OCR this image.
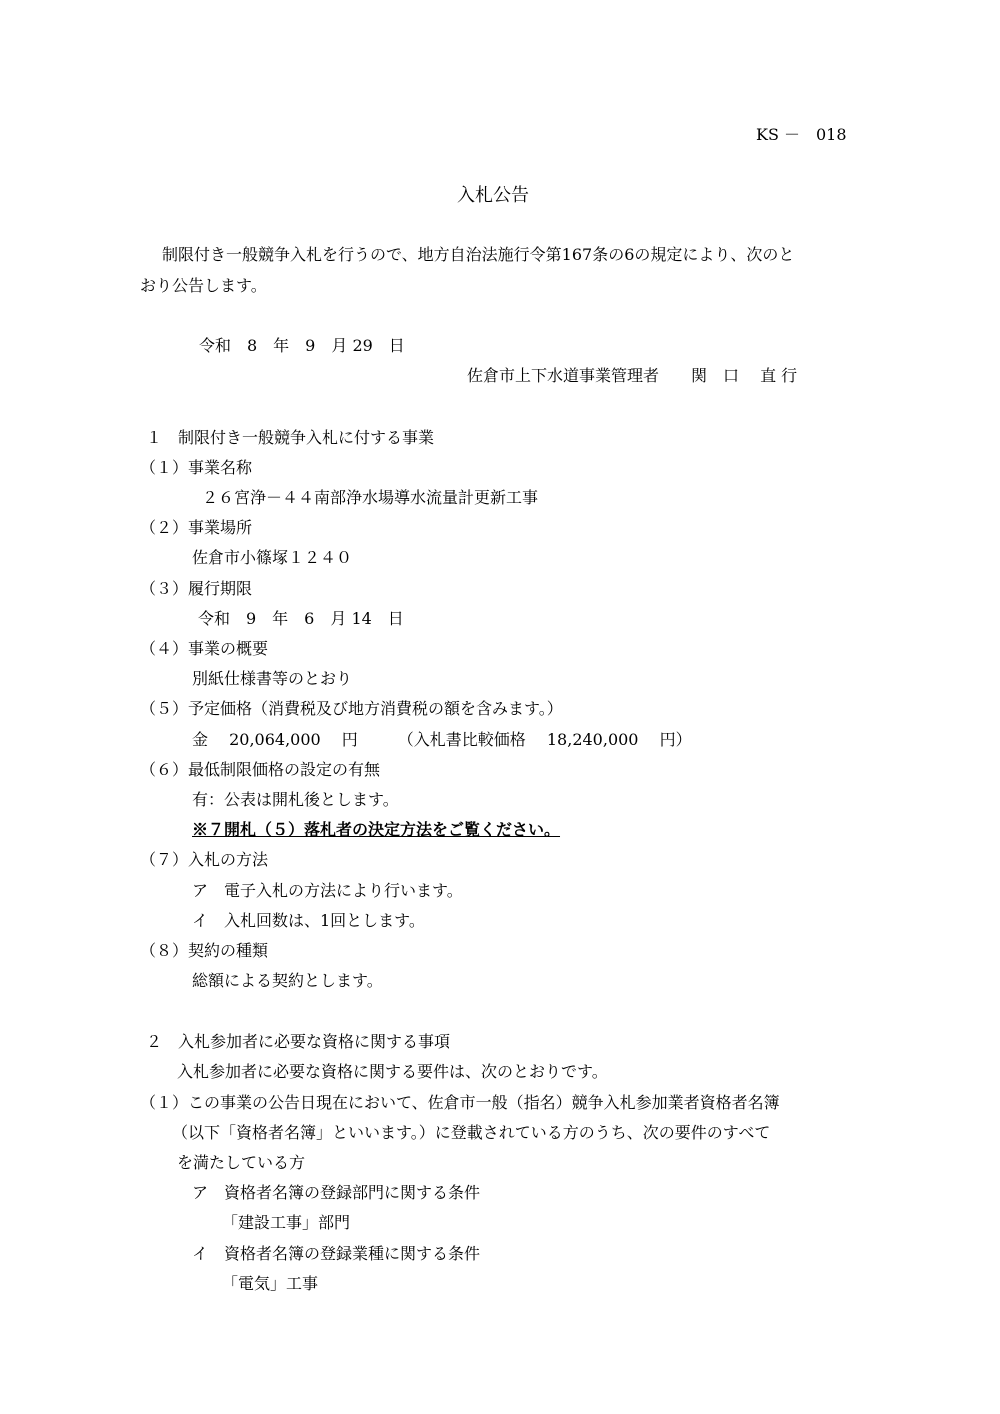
KS －　018
入札公告
制限付き一般競争入札を行うので、地方自治法施行令第167条の6の規定により、次のと
おり公告します。
令和　8　年　9　月 29　日
佐倉市上下水道事業管理者　　関　口　 直 行
１　制限付き一般競争入札に付する事業
（１）事業名称
２６宮浄－４４南部浄水場導水流量計更新工事
（２）事業場所
佐倉市小篠塚１２４０
（３）履行期限
令和　9　年　6　月 14　日
（４）事業の概要
別紙仕様書等のとおり
（５）予定価格（消費税及び地方消費税の額を含みます。）
金　 20,064,000　 円　　　（入札書比較価格　 18,240,000　 円）
（６）最低制限価格の設定の有無
有：公表は開札後とします。
※７開札（５）落札者の決定方法をご覧ください。
（７）入札の方法
ア　電子入札の方法により行います。
イ　入札回数は、1回とします。
（８）契約の種類
総額による契約とします。
２　入札参加者に必要な資格に関する事項
入札参加者に必要な資格に関する要件は、次のとおりです。
（１）この事業の公告日現在において、佐倉市一般（指名）競争入札参加業者資格者名簿
（以下「資格者名簿」といいます。）に登載されている方のうち、次の要件のすべて
を満たしている方
ア　資格者名簿の登録部門に関する条件
「建設工事」部門
イ　資格者名簿の登録業種に関する条件
「電気」工事
